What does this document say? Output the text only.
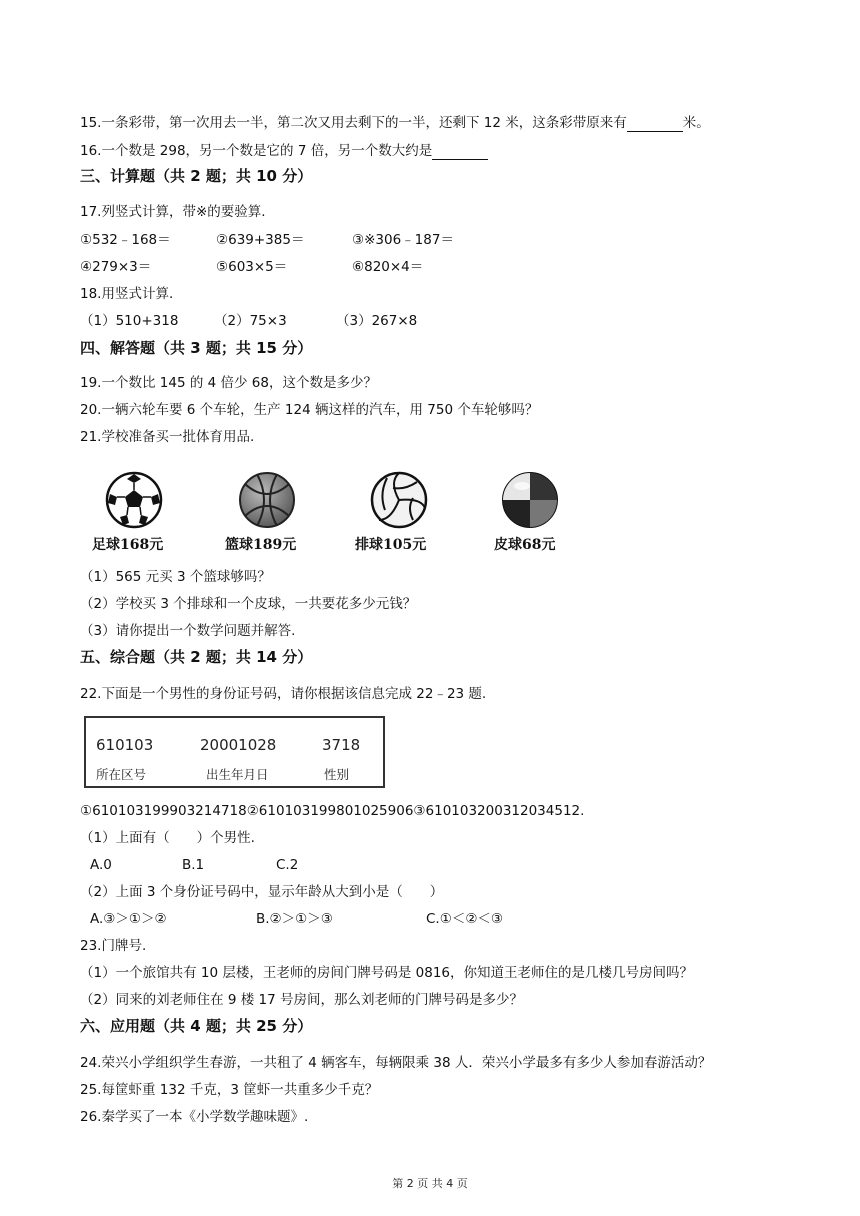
15.一条彩带，第一次用去一半，第二次又用去剩下的一半，还剩下 12 米，这条彩带原来有	米。
16.一个数是 298，另一个数是它的 7 倍，另一个数大约是
三、计算题（共 2 题；共 10 分）
17.列竖式计算，带※的要验算.
①532﹣168＝	②639+385＝	③※306﹣187＝
④279×3＝	⑤603×5＝	⑥820×4＝
18.用竖式计算.
（1）510+318	（2）75×3	（3）267×8
四、解答题（共 3 题；共 15 分）
19.一个数比 145 的 4 倍少 68，这个数是多少？
20.一辆六轮车要 6 个车轮，生产 124 辆这样的汽车，用 750 个车轮够吗？
21.学校准备买一批体育用品.
足球168元	篮球189元	排球105元	皮球68元
（1）565 元买 3 个篮球够吗？
（2）学校买 3 个排球和一个皮球，一共要花多少元钱？
（3）请你提出一个数学问题并解答.
五、综合题（共 2 题；共 14 分）
22.下面是一个男性的身份证号码，请你根据该信息完成 22﹣23 题.
610103	20001028	3718
所在区号	出生年月日	性别
①610103199903214718②610103199801025906③610103200312034512.
（1）上面有（　　）个男性.
A.0	B.1	C.2
（2）上面 3 个身份证号码中，显示年龄从大到小是（　　）
A.③＞①＞②	B.②＞①＞③	C.①＜②＜③
23.门牌号.
（1）一个旅馆共有 10 层楼，王老师的房间门牌号码是 0816，你知道王老师住的是几楼几号房间吗？
（2）同来的刘老师住在 9 楼 17 号房间，那么刘老师的门牌号码是多少？
六、应用题（共 4 题；共 25 分）
24.荣兴小学组织学生春游，一共租了 4 辆客车，每辆限乘 38 人．荣兴小学最多有多少人参加春游活动？
25.每筐虾重 132 千克，3 筐虾一共重多少千克？
26.秦学买了一本《小学数学趣味题》.
第 2 页 共 4 页
